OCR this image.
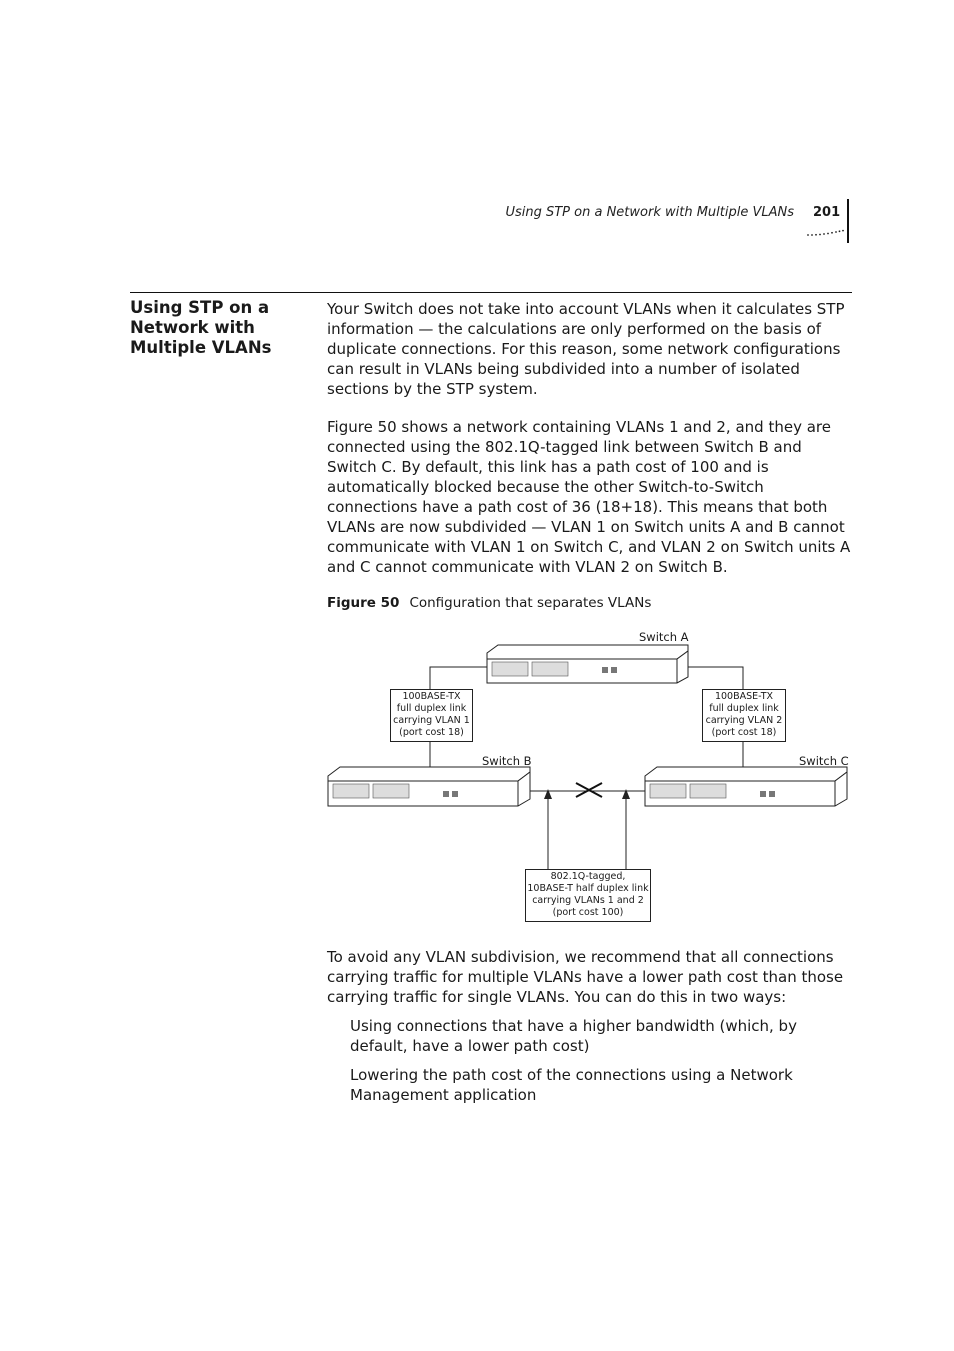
Using STP on a Network with Multiple VLANs 201
Using STP on a Network with Multiple VLANs
Your Switch does not take into account VLANs when it calculates STP information — the calculations are only performed on the basis of duplicate connections. For this reason, some network configurations can result in VLANs being subdivided into a number of isolated sections by the STP system.
Figure 50 shows a network containing VLANs 1 and 2, and they are connected using the 802.1Q-tagged link between Switch B and Switch C. By default, this link has a path cost of 100 and is automatically blocked because the other Switch-to-Switch connections have a path cost of 36 (18+18). This means that both VLANs are now subdivided — VLAN 1 on Switch units A and B cannot communicate with VLAN 1 on Switch C, and VLAN 2 on Switch units A and C cannot communicate with VLAN 2 on Switch B.
Figure 50 Configuration that separates VLANs
Switch A
Switch B	Switch C
100BASE-TX
full duplex link
carrying VLAN 1
(port cost 18)
100BASE-TX
full duplex link
carrying VLAN 2
(port cost 18)
802.1Q-tagged,
10BASE-T half duplex link
carrying VLANs 1 and 2
(port cost 100)
To avoid any VLAN subdivision, we recommend that all connections carrying traffic for multiple VLANs have a lower path cost than those carrying traffic for single VLANs. You can do this in two ways:
Using connections that have a higher bandwidth (which, by default, have a lower path cost)
Lowering the path cost of the connections using a Network Management application
